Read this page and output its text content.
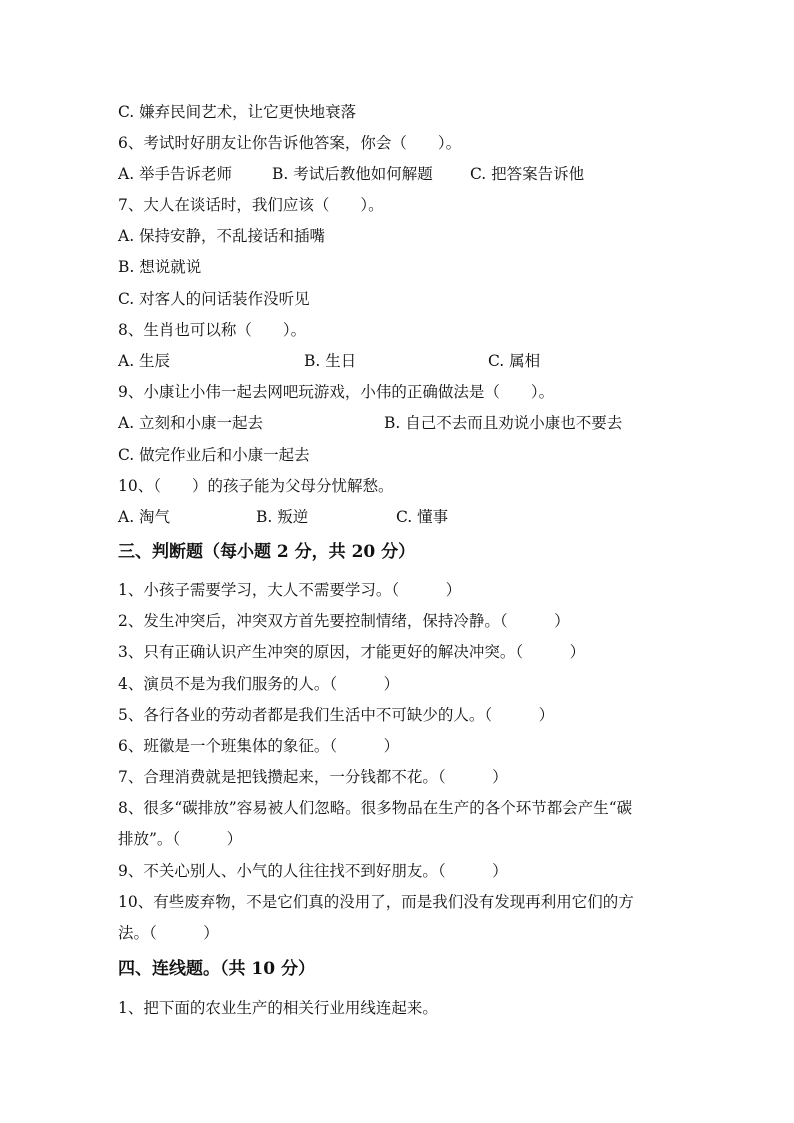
C. 嫌弃民间艺术，让它更快地衰落
6、考试时好朋友让你告诉他答案，你会（　　）。

A. 举手告诉老师

	B. 考试后教他如何解题

C. 把答案告诉他

7、大人在谈话时，我们应该（　　）。
A. 保持安静，不乱接话和插嘴
B. 想说就说
C. 对客人的问话装作没听见
8、生肖也可以称（　　）。

A. 生辰

	B. 生日

	C. 属相

9、小康让小伟一起去网吧玩游戏，小伟的正确做法是（　　）。

A. 立刻和小康一起去

	B. 自己不去而且劝说小康也不要去

C. 做完作业后和小康一起去
10、（　　）的孩子能为父母分忧解愁。

A. 淘气

	B. 叛逆

	C. 懂事

三、判断题（每小题 2 分，共 20 分）
1、小孩子需要学习，大人不需要学习。（　　　）
2、发生冲突后，冲突双方首先要控制情绪，保持冷静。（　　　）
3、只有正确认识产生冲突的原因，才能更好的解决冲突。（　　　）
4、演员不是为我们服务的人。（　　　）
5、各行各业的劳动者都是我们生活中不可缺少的人。（　　　）
6、班徽是一个班集体的象征。（　　　）
7、合理消费就是把钱攒起来，一分钱都不花。（　　　）
8、很多“碳排放”容易被人们忽略。很多物品在生产的各个环节都会产生“碳
排放”。（　　　）
9、不关心别人、小气的人往往找不到好朋友。（　　　）
10、有些废弃物，不是它们真的没用了，而是我们没有发现再利用它们的方
法。（　　　）
四、连线题。（共 10 分）
1、把下面的农业生产的相关行业用线连起来。
